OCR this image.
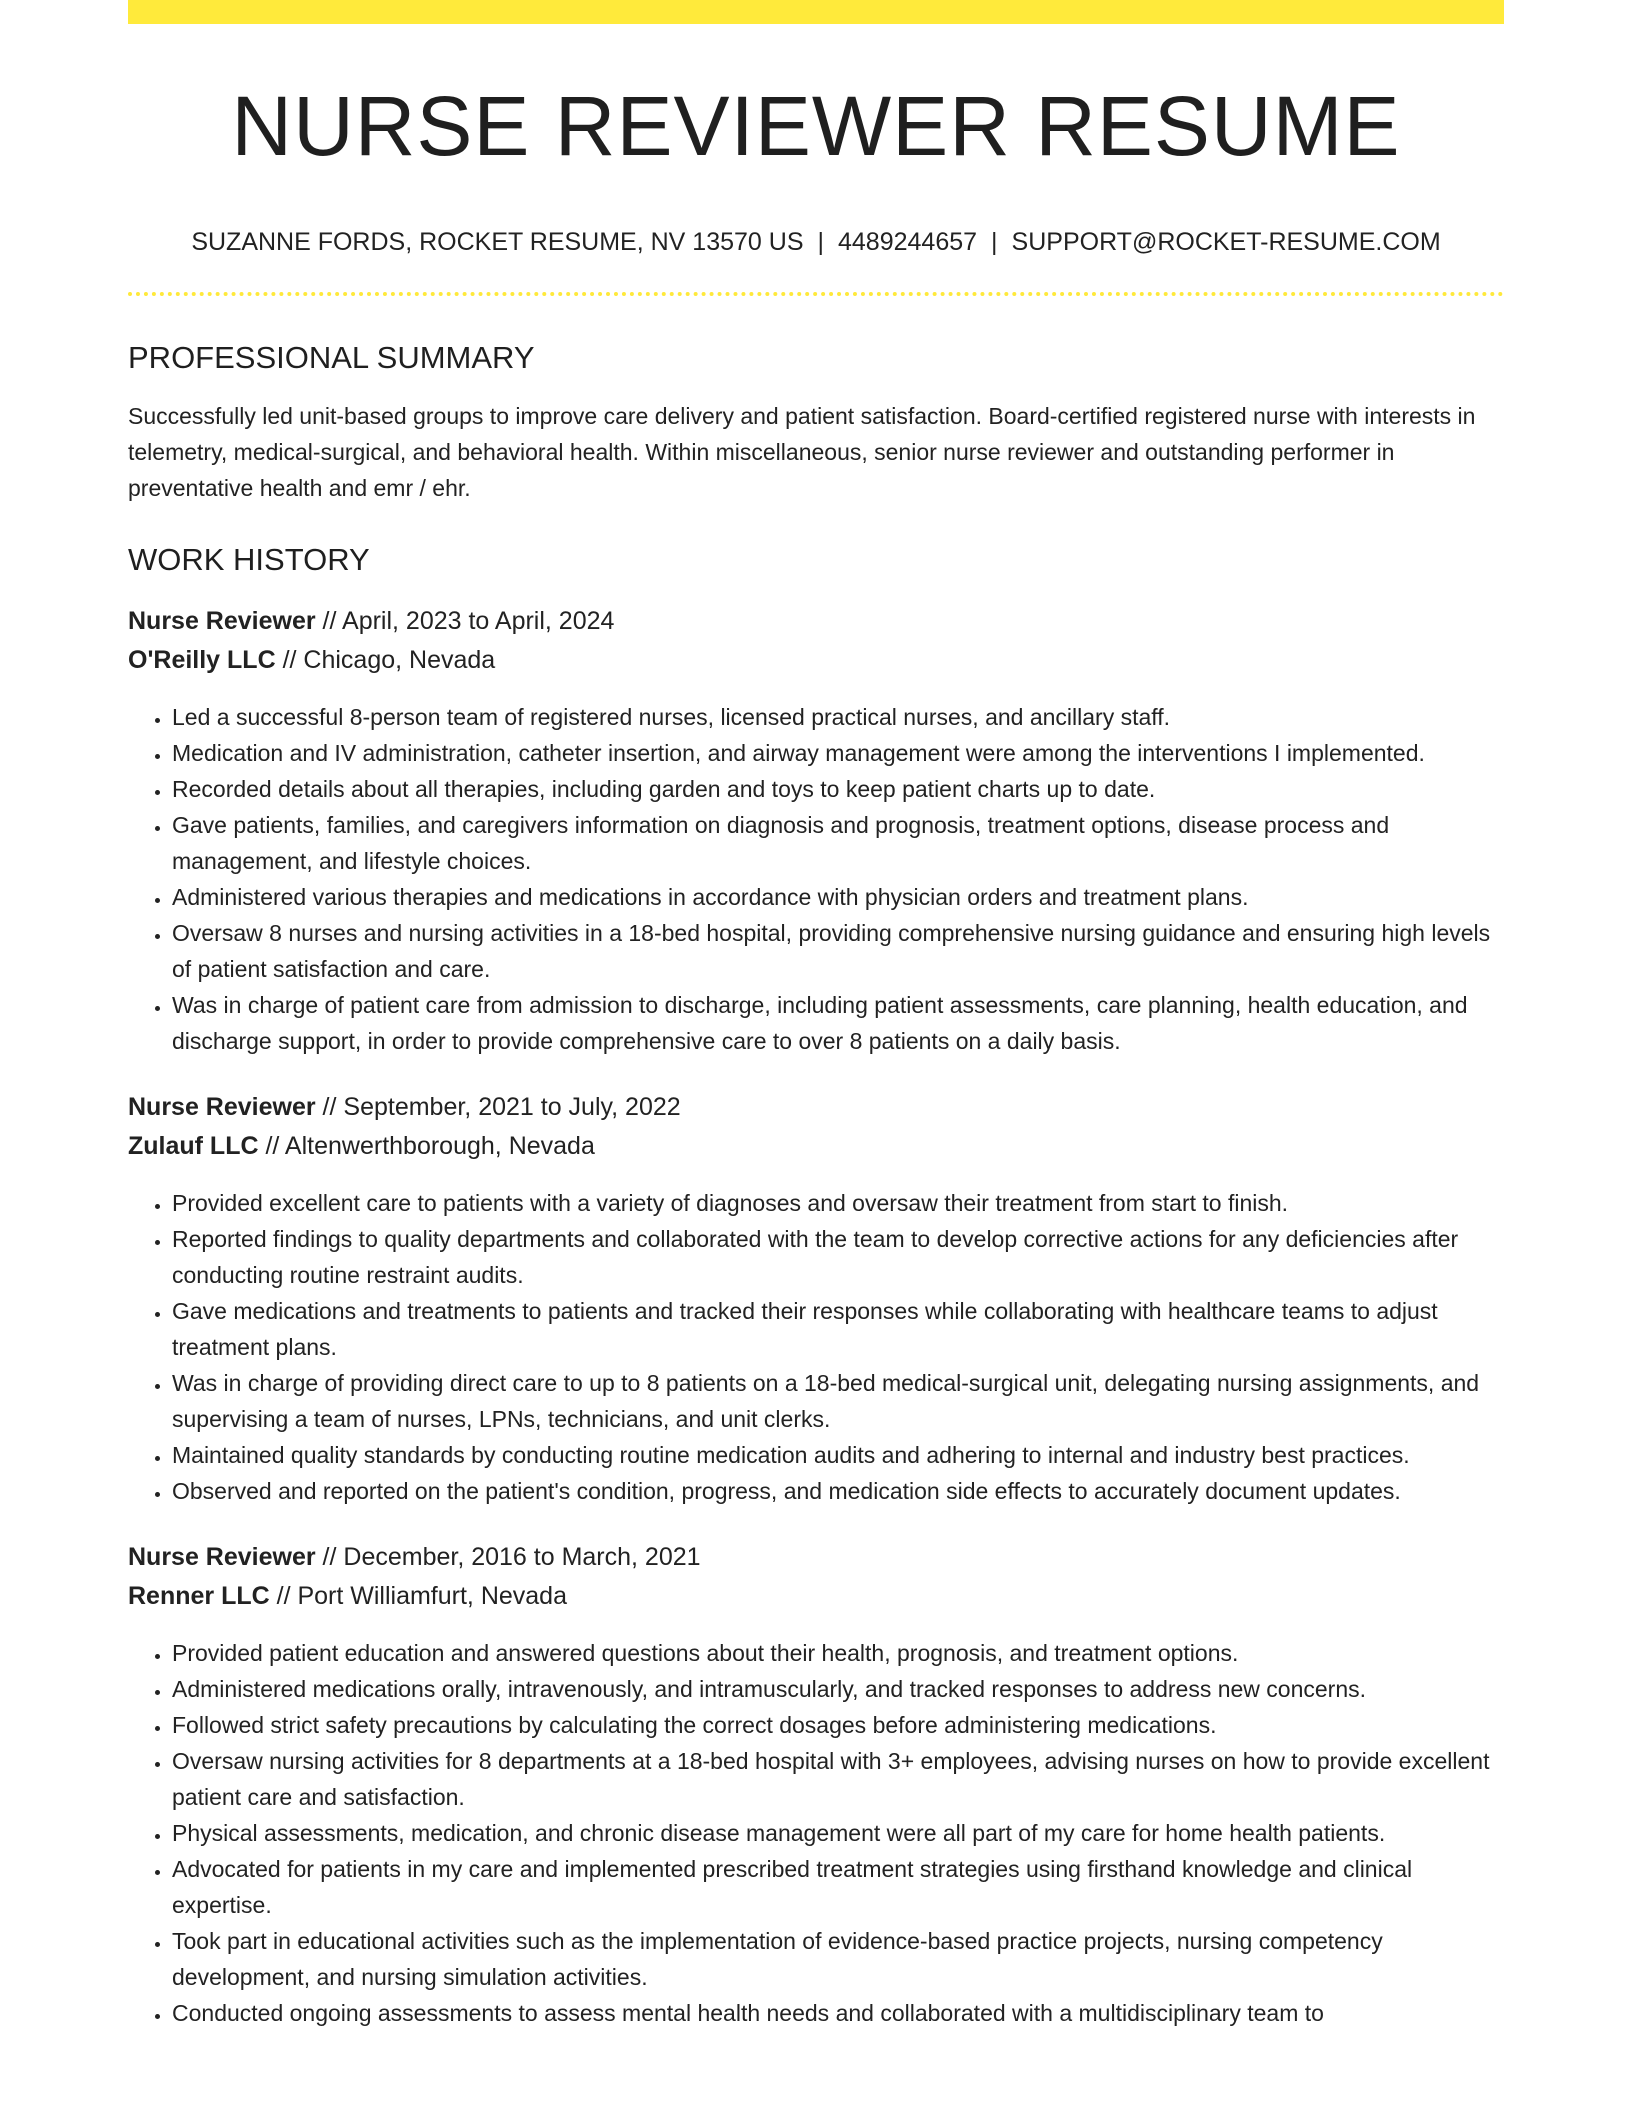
NURSE REVIEWER RESUME
SUZANNE FORDS, ROCKET RESUME, NV 13570 US | 4489244657 | SUPPORT@ROCKET-RESUME.COM
PROFESSIONAL SUMMARY

Successfully led unit-based groups to improve care delivery and patient satisfaction. Board-certified registered nurse with interests in telemetry, medical-surgical, and behavioral health. Within miscellaneous, senior nurse reviewer and outstanding performer in preventative health and emr / ehr.

WORK HISTORY
Nurse Reviewer // April, 2023 to April, 2024
O'Reilly LLC // Chicago, Nevada
• Led a successful 8-person team of registered nurses, licensed practical nurses, and ancillary staff.
• Medication and IV administration, catheter insertion, and airway management were among the interventions I implemented.
• Recorded details about all therapies, including garden and toys to keep patient charts up to date.
• Gave patients, families, and caregivers information on diagnosis and prognosis, treatment options, disease process and management, and lifestyle choices.
• Administered various therapies and medications in accordance with physician orders and treatment plans.
• Oversaw 8 nurses and nursing activities in a 18-bed hospital, providing comprehensive nursing guidance and ensuring high levels of patient satisfaction and care.
• Was in charge of patient care from admission to discharge, including patient assessments, care planning, health education, and discharge support, in order to provide comprehensive care to over 8 patients on a daily basis.
Nurse Reviewer // September, 2021 to July, 2022
Zulauf LLC // Altenwerthborough, Nevada
• Provided excellent care to patients with a variety of diagnoses and oversaw their treatment from start to finish.
• Reported findings to quality departments and collaborated with the team to develop corrective actions for any deficiencies after conducting routine restraint audits.
• Gave medications and treatments to patients and tracked their responses while collaborating with healthcare teams to adjust treatment plans.
• Was in charge of providing direct care to up to 8 patients on a 18-bed medical-surgical unit, delegating nursing assignments, and supervising a team of nurses, LPNs, technicians, and unit clerks.
• Maintained quality standards by conducting routine medication audits and adhering to internal and industry best practices.
• Observed and reported on the patient's condition, progress, and medication side effects to accurately document updates.
Nurse Reviewer // December, 2016 to March, 2021
Renner LLC // Port Williamfurt, Nevada
• Provided patient education and answered questions about their health, prognosis, and treatment options.
• Administered medications orally, intravenously, and intramuscularly, and tracked responses to address new concerns.
• Followed strict safety precautions by calculating the correct dosages before administering medications.
• Oversaw nursing activities for 8 departments at a 18-bed hospital with 3+ employees, advising nurses on how to provide excellent patient care and satisfaction.
• Physical assessments, medication, and chronic disease management were all part of my care for home health patients.
• Advocated for patients in my care and implemented prescribed treatment strategies using firsthand knowledge and clinical expertise.
• Took part in educational activities such as the implementation of evidence-based practice projects, nursing competency development, and nursing simulation activities.
• Conducted ongoing assessments to assess mental health needs and collaborated with a multidisciplinary team to
